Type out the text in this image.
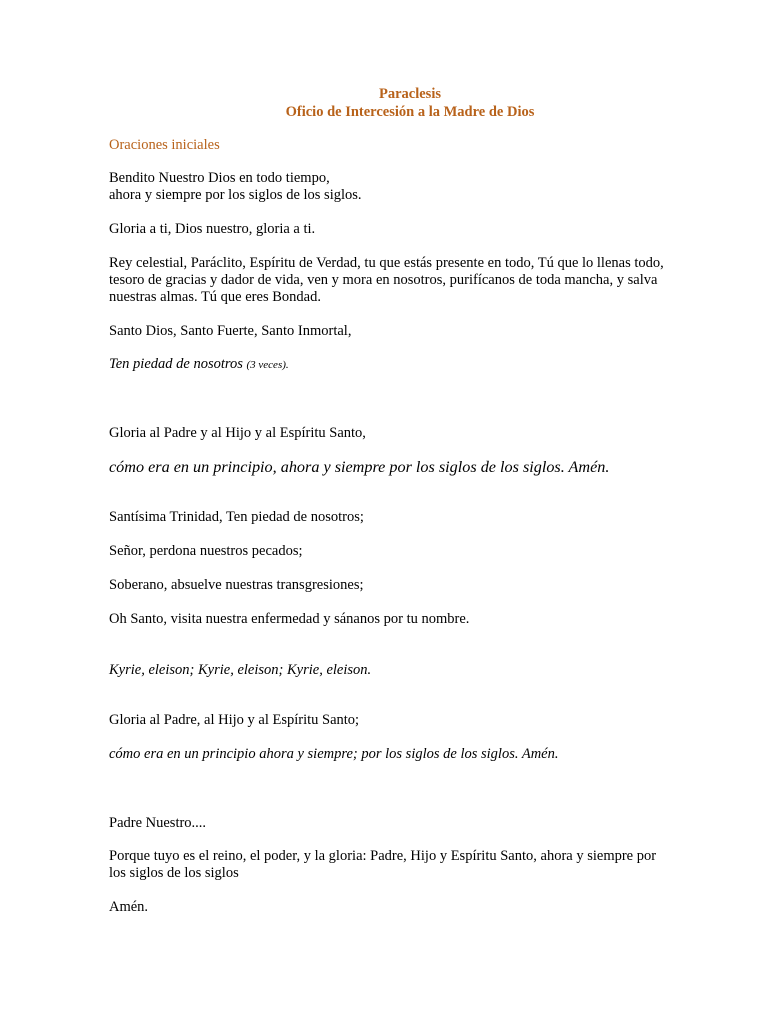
Paraclesis

Oficio de Intercesión a la Madre de Dios

Oraciones iniciales

Bendito Nuestro Dios en todo tiempo,

ahora y siempre por los siglos de los siglos.

Gloria a ti, Dios nuestro, gloria a ti.

Rey celestial, Paráclito, Espíritu de Verdad, tu que estás presente en todo, Tú que lo llenas todo,

tesoro de gracias y dador de vida, ven y mora en nosotros, purifícanos de toda mancha, y salva

nuestras almas. Tú que eres Bondad.

Santo Dios, Santo Fuerte, Santo Inmortal,

Ten piedad de nosotros (3 veces).

Gloria al Padre y al Hijo y al Espíritu Santo,

cómo era en un principio, ahora y siempre por los siglos de los siglos. Amén.

Santísima Trinidad, Ten piedad de nosotros;

Señor, perdona nuestros pecados;

Soberano, absuelve nuestras transgresiones;

Oh Santo, visita nuestra enfermedad y sánanos por tu nombre.

Kyrie, eleison; Kyrie, eleison; Kyrie, eleison.

Gloria al Padre, al Hijo y al Espíritu Santo;

cómo era en un principio ahora y siempre; por los siglos de los siglos. Amén.

Padre Nuestro....

Porque tuyo es el reino, el poder, y la gloria: Padre, Hijo y Espíritu Santo, ahora y siempre por

los siglos de los siglos

Amén.
